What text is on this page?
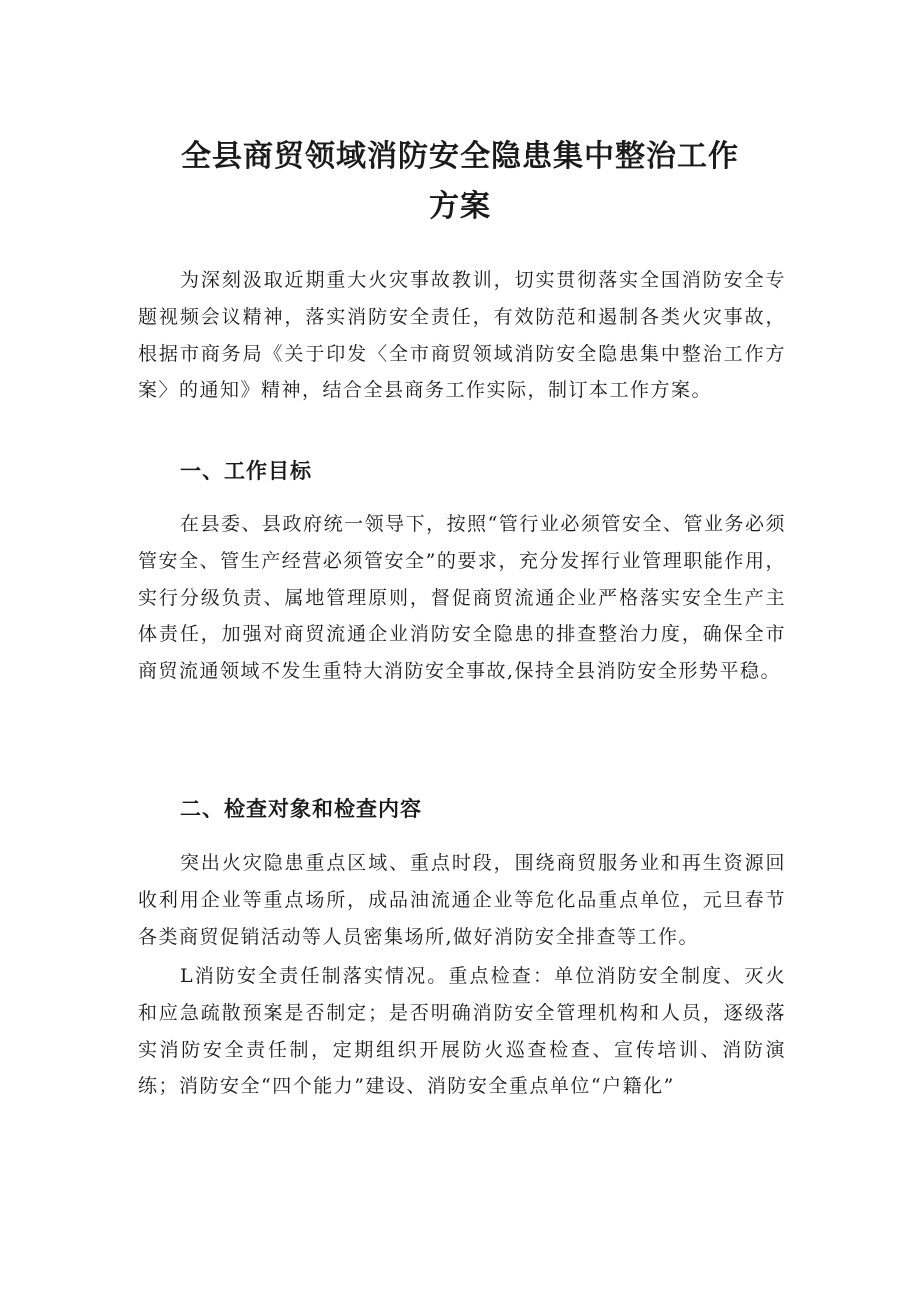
全县商贸领域消防安全隐患集中整治工作
方案

为深刻汲取近期重大火灾事故教训，切实贯彻落实全国消防安全专题视频会议精神，落实消防安全责任，有效防范和遏制各类火灾事故，根据市商务局《关于印发〈全市商贸领域消防安全隐患集中整治工作方案〉的通知》精神，结合全县商务工作实际，制订本工作方案。

一、工作目标

在县委、县政府统一领导下，按照“管行业必须管安全、管业务必须管安全、管生产经营必须管安全”的要求，充分发挥行业管理职能作用，实行分级负责、属地管理原则，督促商贸流通企业严格落实安全生产主体责任，加强对商贸流通企业消防安全隐患的排查整治力度，确保全市商贸流通领域不发生重特大消防安全事故,保持全县消防安全形势平稳。

二、检查对象和检查内容

突出火灾隐患重点区域、重点时段，围绕商贸服务业和再生资源回收利用企业等重点场所，成品油流通企业等危化品重点单位，元旦春节各类商贸促销活动等人员密集场所,做好消防安全排查等工作。

L消防安全责任制落实情况。重点检查：单位消防安全制度、灭火和应急疏散预案是否制定；是否明确消防安全管理机构和人员，逐级落实消防安全责任制，定期组织开展防火巡查检查、宣传培训、消防演练；消防安全“四个能力”建设、消防安全重点单位“户籍化”
